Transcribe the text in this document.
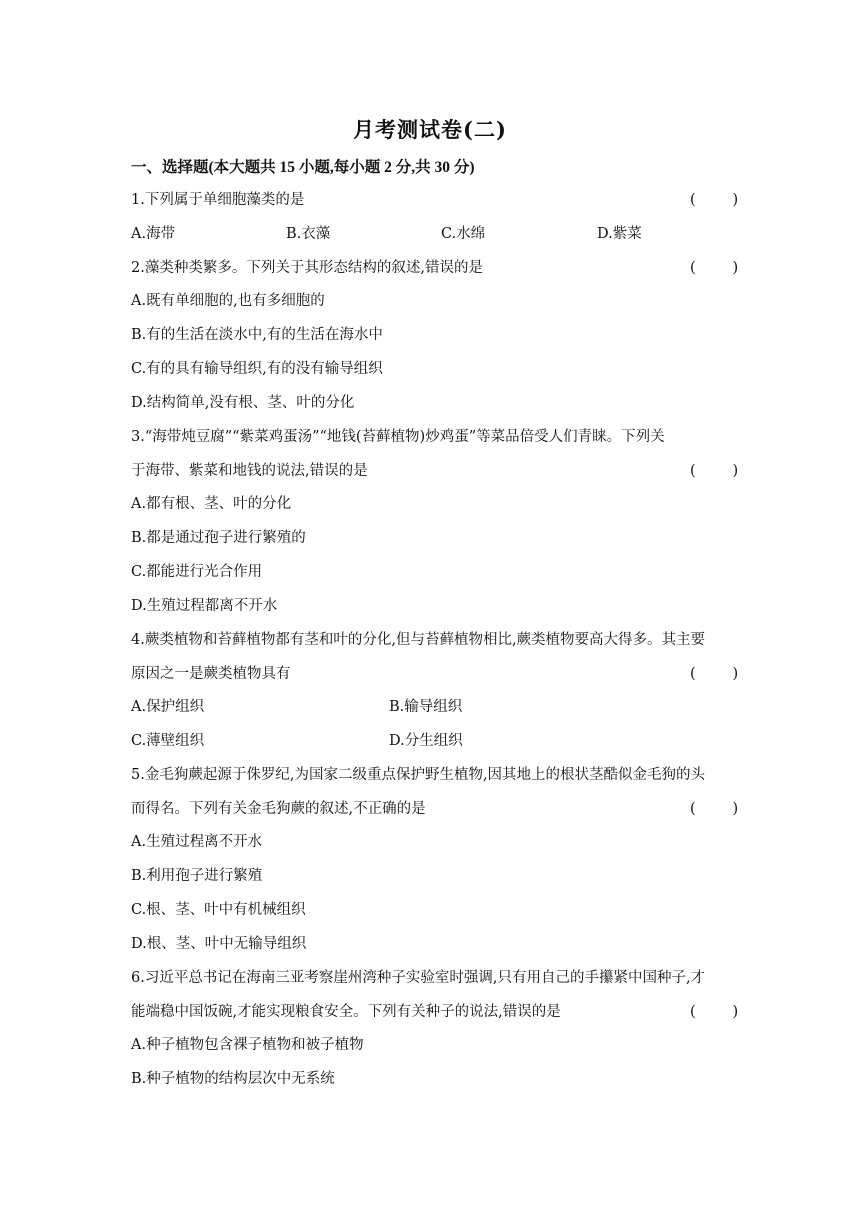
月考测试卷(二)
一、选择题(本大题共 15 小题,每小题 2 分,共 30 分)
1.下列属于单细胞藻类的是	(        )
A.海带	B.衣藻	C.水绵	D.紫菜
2.藻类种类繁多。下列关于其形态结构的叙述,错误的是	(        )
A.既有单细胞的,也有多细胞的
B.有的生活在淡水中,有的生活在海水中
C.有的具有输导组织,有的没有输导组织
D.结构简单,没有根、茎、叶的分化
3.“海带炖豆腐”“紫菜鸡蛋汤”“地钱(苔藓植物)炒鸡蛋”等菜品倍受人们青睐。下列关
于海带、紫菜和地钱的说法,错误的是	(        )
A.都有根、茎、叶的分化
B.都是通过孢子进行繁殖的
C.都能进行光合作用
D.生殖过程都离不开水
4.蕨类植物和苔藓植物都有茎和叶的分化,但与苔藓植物相比,蕨类植物要高大得多。其主要
原因之一是蕨类植物具有	(        )
A.保护组织	B.输导组织
C.薄壁组织	D.分生组织
5.金毛狗蕨起源于侏罗纪,为国家二级重点保护野生植物,因其地上的根状茎酷似金毛狗的头
而得名。下列有关金毛狗蕨的叙述,不正确的是	(        )
A.生殖过程离不开水
B.利用孢子进行繁殖
C.根、茎、叶中有机械组织
D.根、茎、叶中无输导组织
6.习近平总书记在海南三亚考察崖州湾种子实验室时强调,只有用自己的手攥紧中国种子,才
能端稳中国饭碗,才能实现粮食安全。下列有关种子的说法,错误的是	(        )
A.种子植物包含裸子植物和被子植物
B.种子植物的结构层次中无系统
